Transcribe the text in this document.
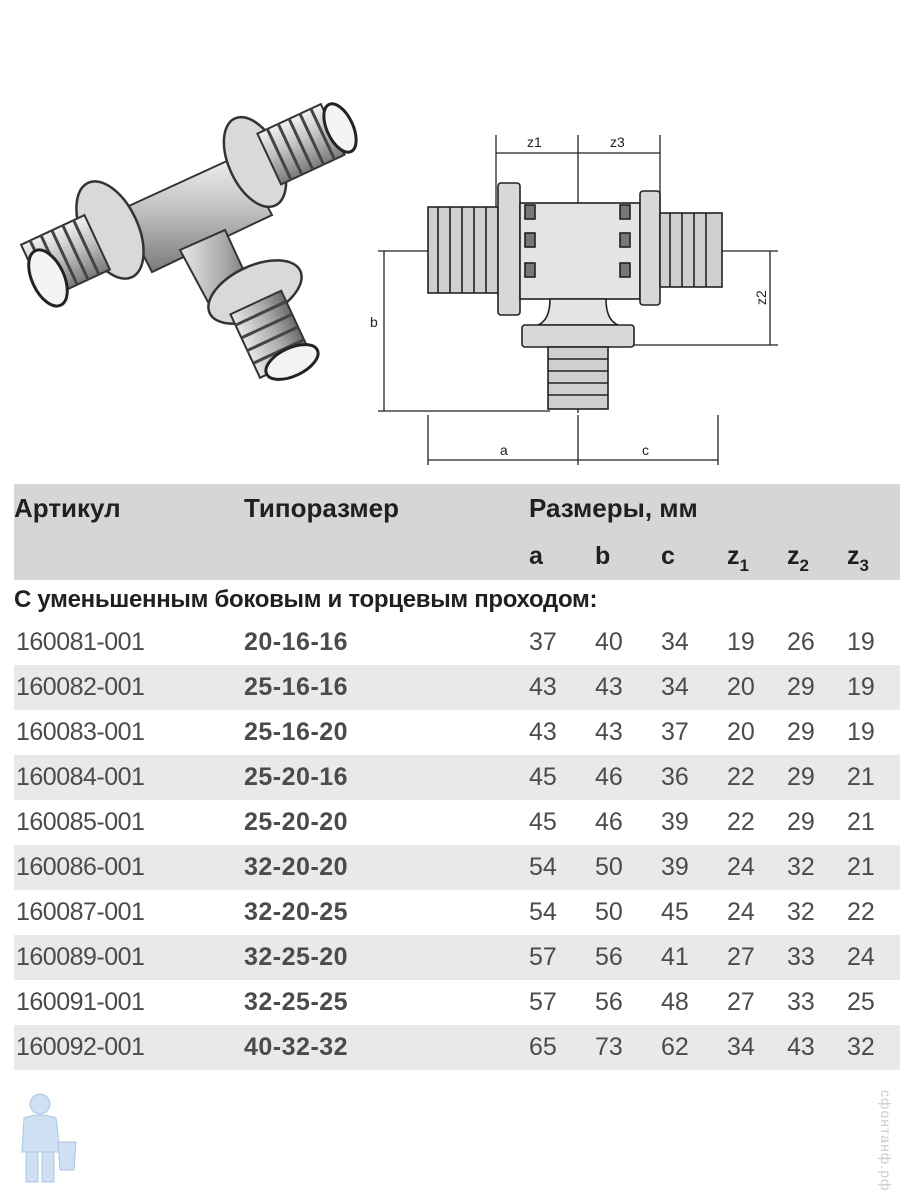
z1	z3
b
z2
a	c
Артикул	Типоразмер	Размеры, мм					
		a	b	c	$z_1$	$z_2$	$z_3$
С уменьшенным боковым и торцевым проходом:							
160081-001	20-16-16	37	40	34	19	26	19
160082-001	25-16-16	43	43	34	20	29	19
160083-001	25-16-20	43	43	37	20	29	19
160084-001	25-20-16	45	46	36	22	29	21
160085-001	25-20-20	45	46	39	22	29	21
160086-001	32-20-20	54	50	39	24	32	21
160087-001	32-20-25	54	50	45	24	32	22
160089-001	32-25-20	57	56	41	27	33	24
160091-001	32-25-25	57	56	48	27	33	25
160092-001	40-32-32	65	73	62	34	43	32
сфонтанф.рф
